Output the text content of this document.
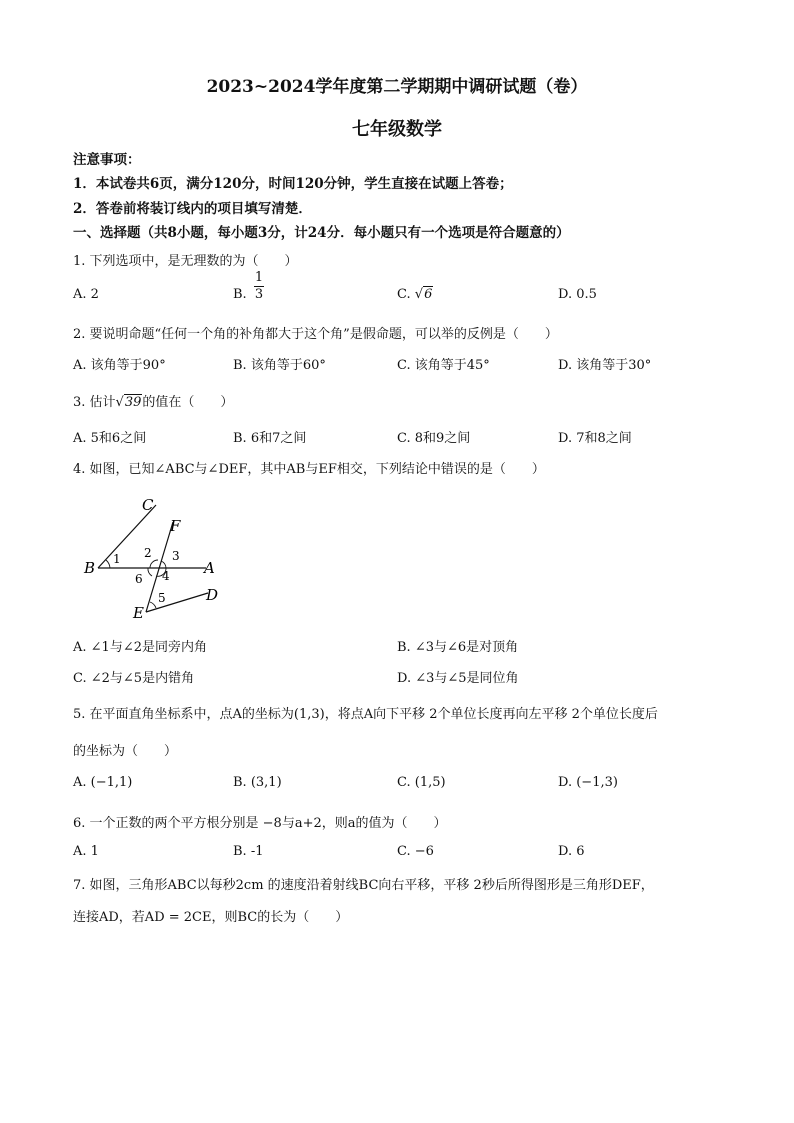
2023~2024学年度第二学期期中调研试题（卷）
七年级数学
注意事项：
1．本试卷共6页，满分120分，时间120分钟，学生直接在试题上答卷；
2．答卷前将装订线内的项目填写清楚．
一、选择题（共8小题，每小题3分，计24分．每小题只有一个选项是符合题意的）
1. 下列选项中，是无理数的为（　　）
A. 2	B.
1
3	C. √6	D. 0.5
2. 要说明命题“任何一个角的补角都大于这个角”是假命题，可以举的反例是（　　）
A. 该角等于90°	B. 该角等于60°	C. 该角等于45°	D. 该角等于30°
3. 估计√39的值在（　　）
A. 5和6之间	B. 6和7之间	C. 8和9之间	D. 7和8之间
4. 如图，已知∠ABC与∠DEF，其中AB与EF相交，下列结论中错误的是（　　）
C
F
B 1 2 3
A
6 4
5
E
D
A. ∠1与∠2是同旁内角	B. ∠3与∠6是对顶角
C. ∠2与∠5是内错角	D. ∠3与∠5是同位角
5. 在平面直角坐标系中，点A的坐标为(1,3)，将点A向下平移 2个单位长度再向左平移 2个单位长度后
的坐标为（　　）
A. (−1,1)	B. (3,1)	C. (1,5)	D. (−1,3)
6. 一个正数的两个平方根分别是 −8与a+2，则a的值为（　　）
A. 1	B. -1	C. −6	D. 6
7. 如图，三角形ABC以每秒2cm 的速度沿着射线BC向右平移，平移 2秒后所得图形是三角形DEF，
连接AD，若AD = 2CE，则BC的长为（　　）
